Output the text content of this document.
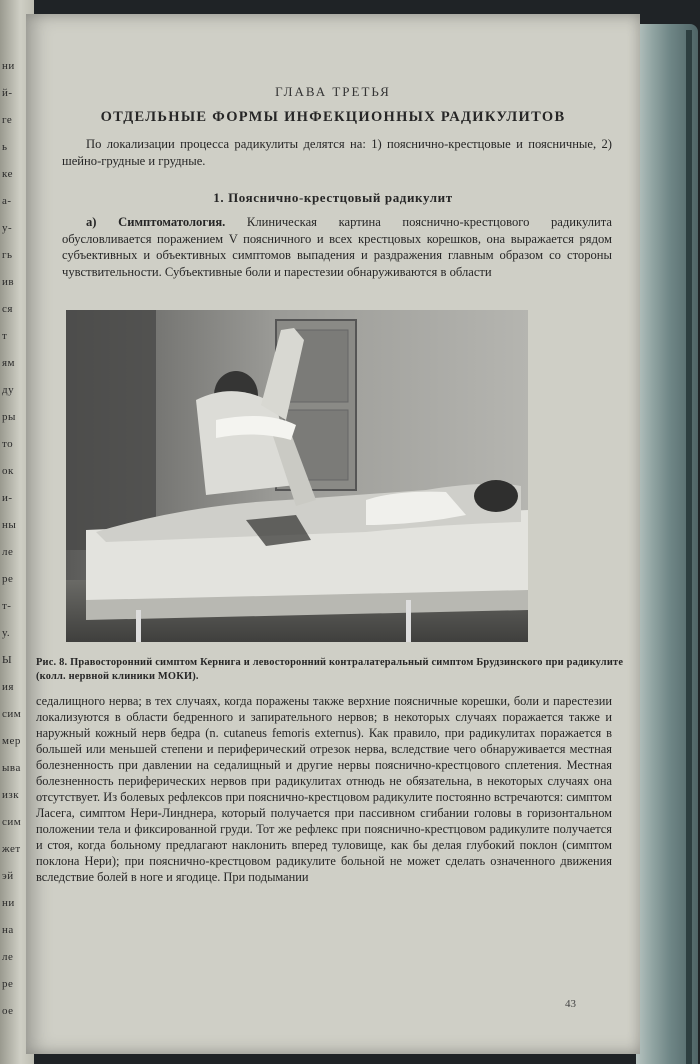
ни
й-
ге
ь
ке
а-
у-
гь
ив
ся
т
ям
ду
ры
то
ок
и-
ны
ле
ре
т-
у.
Ы
ия
сим
мер
ыва
изк
сим
жет
эй
ни
на
ле
ре
ое
ГЛАВА ТРЕТЬЯ
ОТДЕЛЬНЫЕ ФОРМЫ ИНФЕКЦИОННЫХ РАДИКУЛИТОВ

По локализации процесса радикулиты делятся на: 1) пояснично-крестцовые и поясничные, 2) шейно-грудные и грудные.

1. Пояснично-крестцовый радикулит

а) Симптоматология. Клиническая картина пояснично-крестцового радикулита обусловливается поражением V поясничного и всех крестцовых корешков, она выражается рядом субъективных и объективных симптомов выпадения и раздражения главным образом со стороны чувствительности. Субъективные боли и парестезии обнаруживаются в области

Рис. 8. Правосторонний симптом Кернига и левосторонний контралатеральный симптом Брудзинского при радикулите (колл. нервной клиники МОКИ).

седалищного нерва; в тех случаях, когда поражены также верхние поясничные корешки, боли и парестезии локализуются в области бедренного и запирательного нервов; в некоторых случаях поражается также и наружный кожный нерв бедра (n. cutaneus femoris externus). Как правило, при радикулитах поражается в большей или меньшей степени и периферический отрезок нерва, вследствие чего обнаруживается местная болезненность при давлении на седалищный и другие нервы пояснично-крестцового сплетения. Местная болезненность периферических нервов при радикулитах отнюдь не обязательна, в некоторых случаях она отсутствует. Из болевых рефлексов при пояснично-крестцовом радикулите постоянно встречаются: симптом Ласега, симптом Нери-Линднера, который получается при пассивном сгибании головы в горизонтальном положении тела и фиксированной груди. Тот же рефлекс при пояснично-крестцовом радикулите получается и стоя, когда больному предлагают наклонить вперед туловище, как бы делая глубокий поклон (симптом поклона Нери); при пояснично-крестцовом радикулите больной не может сделать означенного движения вследствие болей в ноге и ягодице. При подымании

43
